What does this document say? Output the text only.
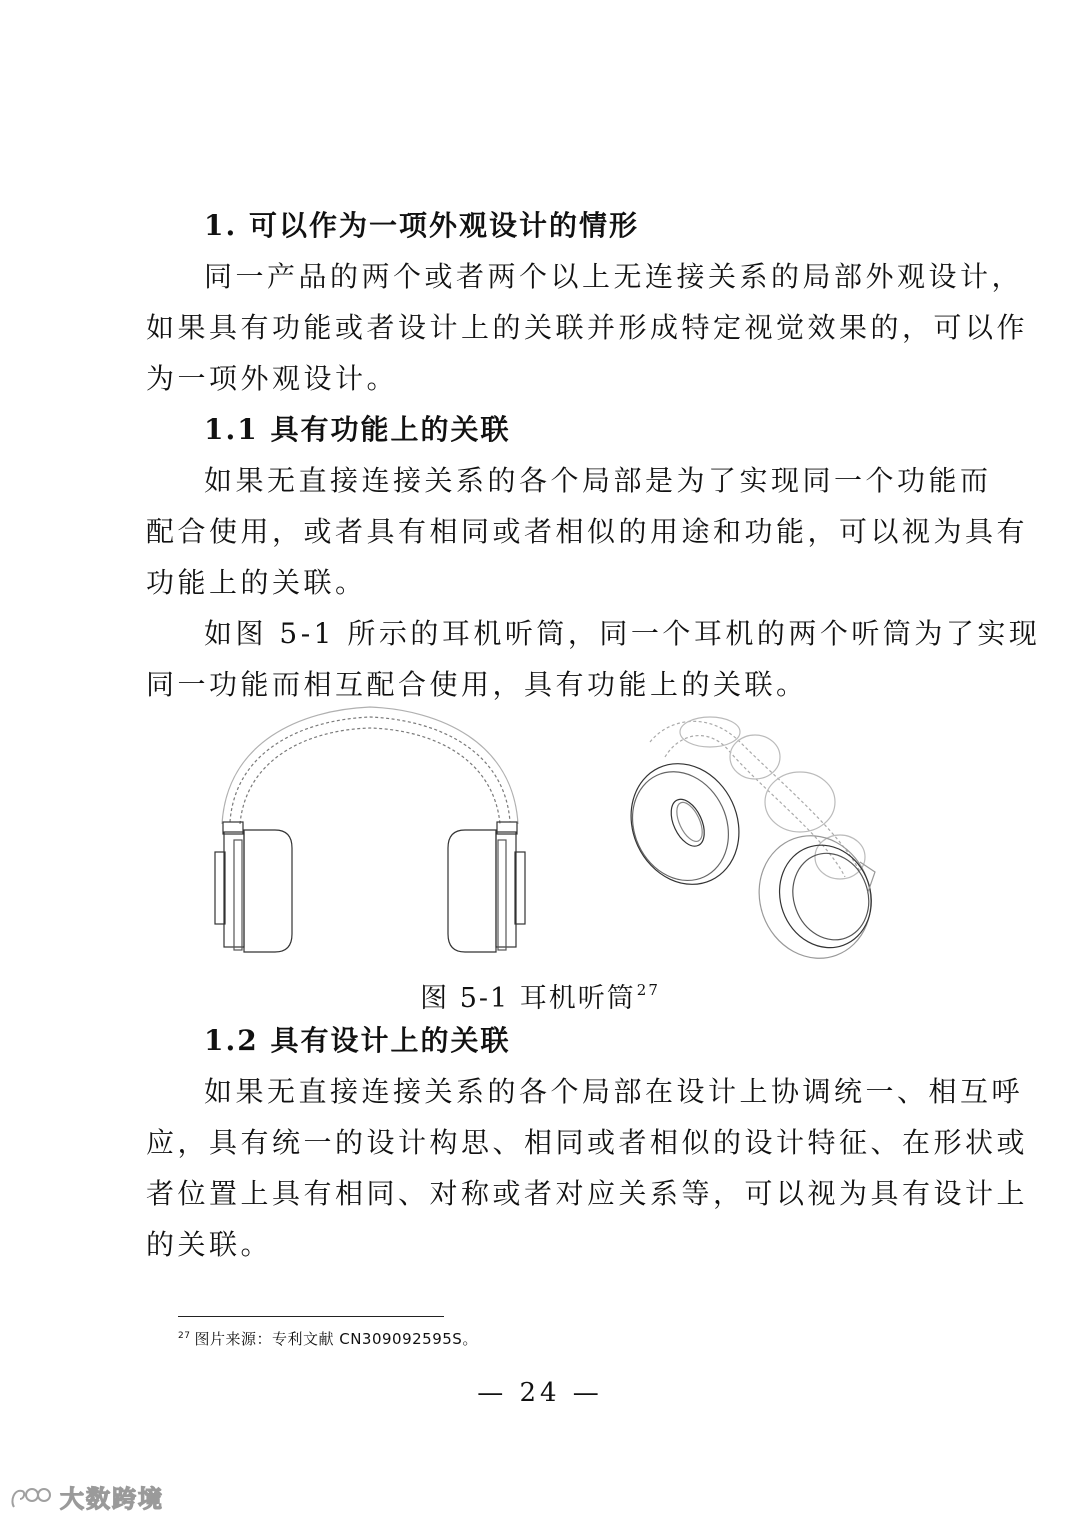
1. 可以作为一项外观设计的情形
同一产品的两个或者两个以上无连接关系的局部外观设计，
如果具有功能或者设计上的关联并形成特定视觉效果的，可以作
为一项外观设计。
1.1 具有功能上的关联
如果无直接连接关系的各个局部是为了实现同一个功能而
配合使用，或者具有相同或者相似的用途和功能，可以视为具有
功能上的关联。
如图 5-1 所示的耳机听筒，同一个耳机的两个听筒为了实现
同一功能而相互配合使用，具有功能上的关联。
图 5-1 耳机听筒$^{27}$
1.2 具有设计上的关联
如果无直接连接关系的各个局部在设计上协调统一、相互呼
应，具有统一的设计构思、相同或者相似的设计特征、在形状或
者位置上具有相同、对称或者对应关系等，可以视为具有设计上
的关联。
$^{27}$ 图片来源：专利文献 CN309092595S。
— 24 —
大数跨境
